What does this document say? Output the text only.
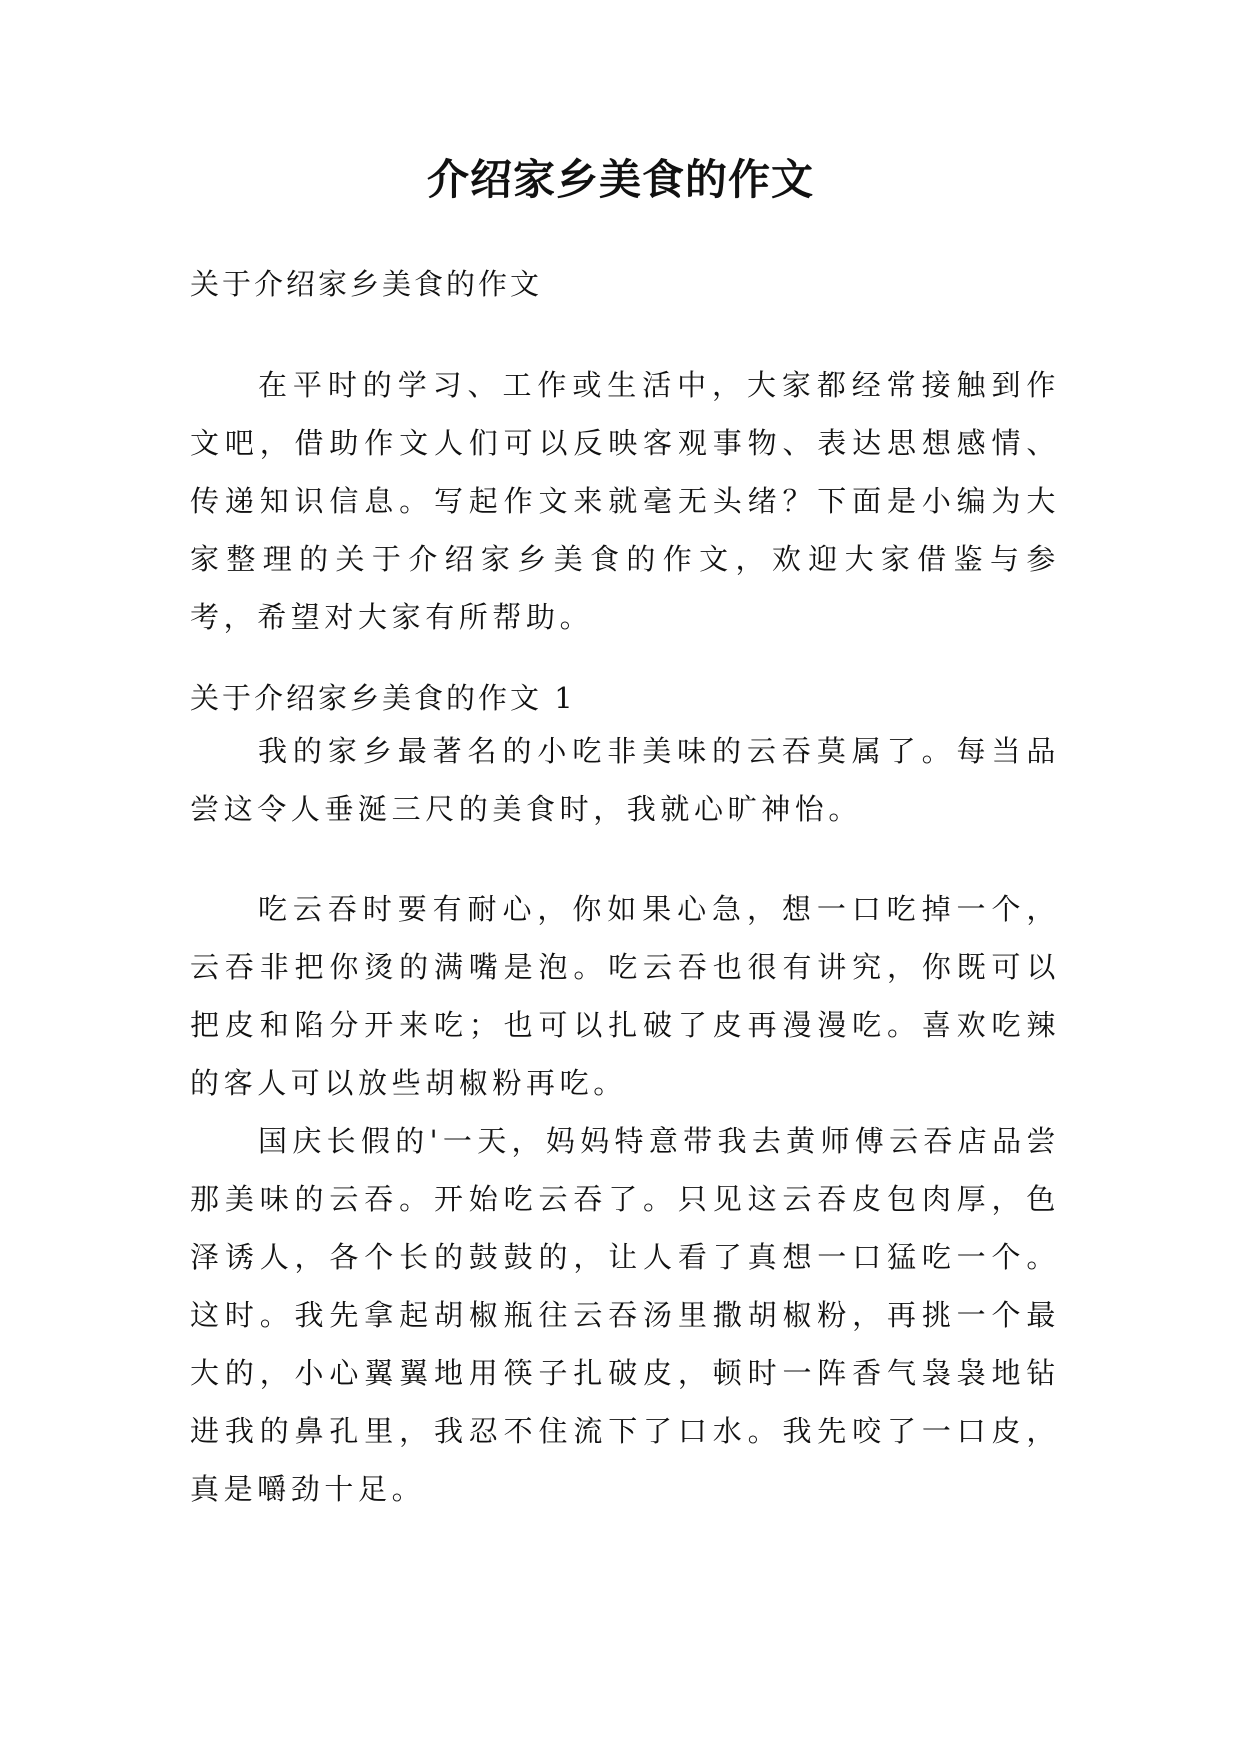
介绍家乡美食的作文
关于介绍家乡美食的作文

在平时的学习、工作或生活中，大家都经常接触到作文吧，借助作文人们可以反映客观事物、表达思想感情、传递知识信息。写起作文来就毫无头绪？下面是小编为大家整理的关于介绍家乡美食的作文，欢迎大家借鉴与参考，希望对大家有所帮助。

关于介绍家乡美食的作文 1

我的家乡最著名的小吃非美味的云吞莫属了。每当品尝这令人垂涎三尺的美食时，我就心旷神怡。

吃云吞时要有耐心，你如果心急，想一口吃掉一个，云吞非把你烫的满嘴是泡。吃云吞也很有讲究，你既可以把皮和陷分开来吃；也可以扎破了皮再漫漫吃。喜欢吃辣的客人可以放些胡椒粉再吃。

国庆长假的'一天，妈妈特意带我去黄师傅云吞店品尝那美味的云吞。开始吃云吞了。只见这云吞皮包肉厚，色泽诱人，各个长的鼓鼓的，让人看了真想一口猛吃一个。这时。我先拿起胡椒瓶往云吞汤里撒胡椒粉，再挑一个最大的，小心翼翼地用筷子扎破皮，顿时一阵香气袅袅地钻进我的鼻孔里，我忍不住流下了口水。我先咬了一口皮，真是嚼劲十足。
